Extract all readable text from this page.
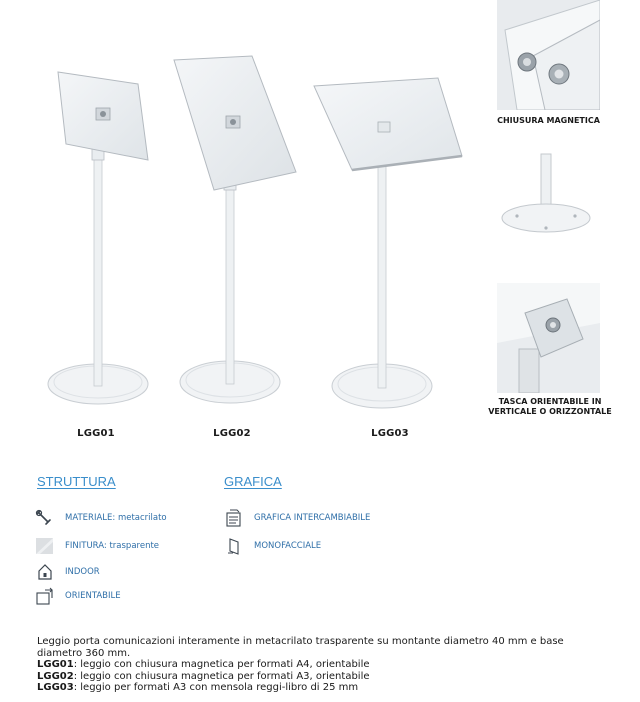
LGG01	LGG02	LGG03
CHIUSURA MAGNETICA
TASCA ORIENTABILE IN
VERTICALE O ORIZZONTALE
STRUTTURA
MATERIALE: metacrilato
FINITURA: trasparente
INDOOR
ORIENTABILE
GRAFICA
GRAFICA INTERCAMBIABILE
MONOFACCIALE
Leggio porta comunicazioni interamente in metacrilato trasparente su montante diametro 40 mm e base diametro 360 mm.
LGG01: leggio con chiusura magnetica per formati A4, orientabile
LGG02: leggio con chiusura magnetica per formati A3, orientabile
LGG03: leggio per formati A3 con mensola reggi-libro di 25 mm
